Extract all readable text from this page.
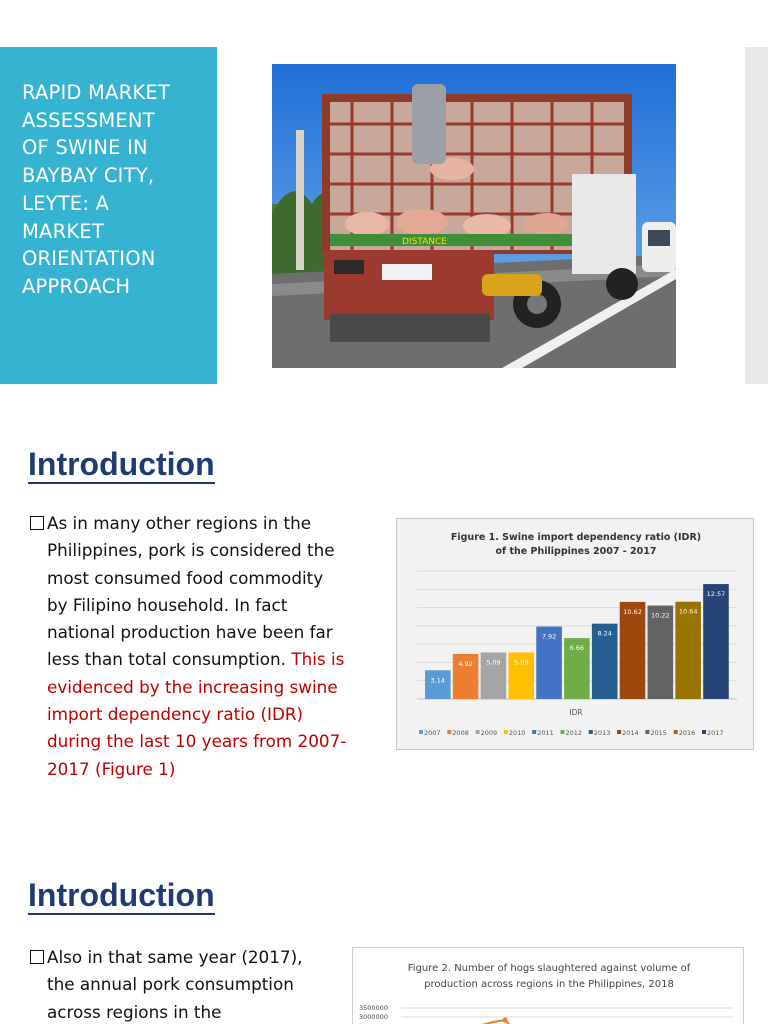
RAPID MARKET
ASSESSMENT
OF SWINE IN
BAYBAY CITY,
LEYTE: A
MARKET
ORIENTATION
APPROACH
DISTANCE
Introduction
As in many other regions in the
Philippines, pork is considered the
most consumed food commodity
by Filipino household. In fact
national production have been far
less than total consumption. This is
evidenced by the increasing swine
import dependency ratio (IDR)
during the last 10 years from 2007-
2017 (Figure 1)
Figure 1. Swine import dependency ratio (IDR)
of the Philippines 2007 - 2017
3.14
4.92 5.09 5.09
7.92
6.66
8.24
10.62 10.22 10.64
12.57
IDR
2007 2008 2009 2010 2011 2012 2013 2014 2015 2016 2017
Introduction
Also in that same year (2017),
the annual pork consumption
across regions in the
Figure 2. Number of hogs slaughtered against volume of
production across regions in the Philippines, 2018
3500000
3000000
